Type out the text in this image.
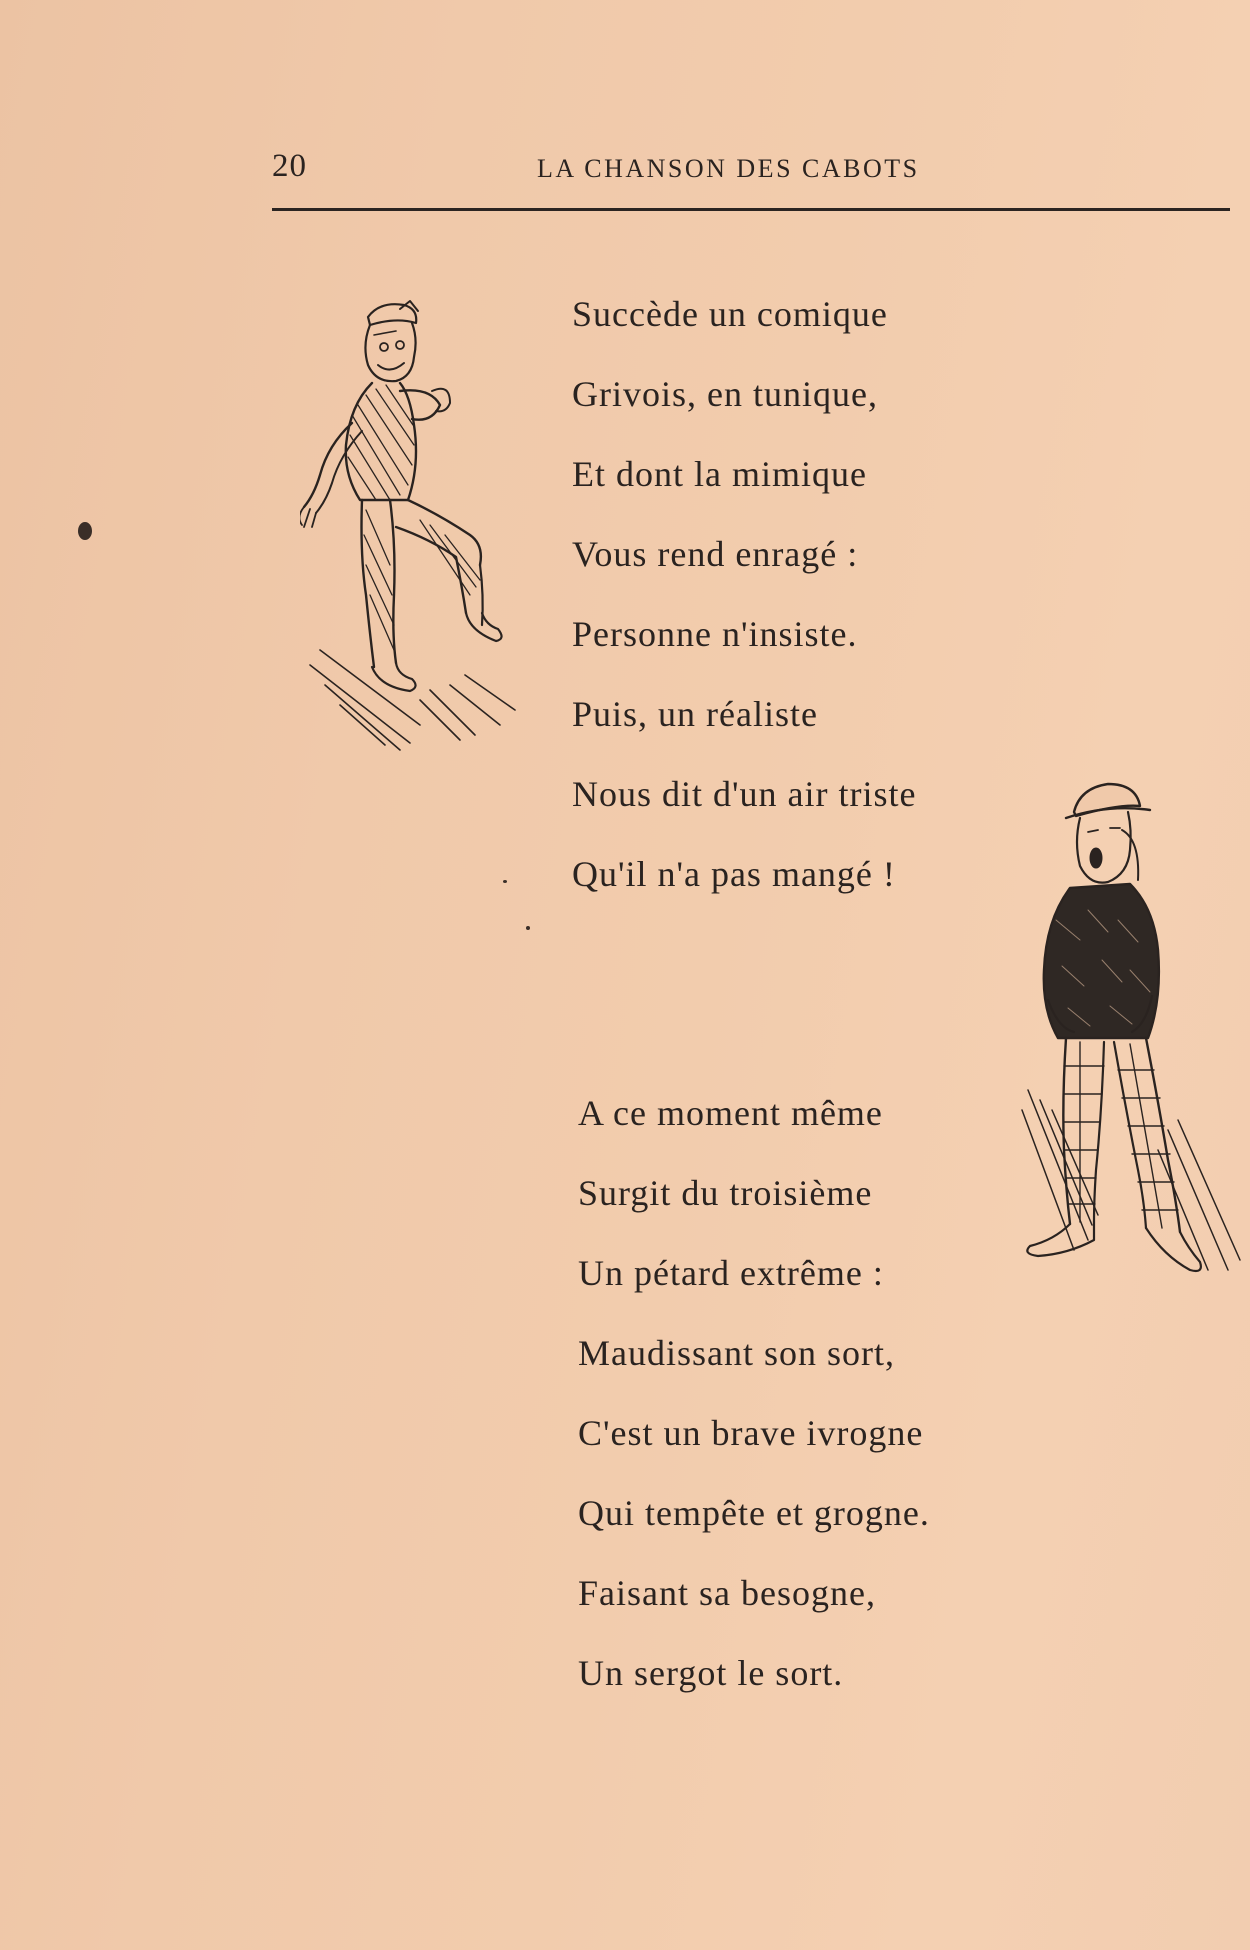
20	LA CHANSON DES CABOTS
Succède un comique
Grivois, en tunique,
Et dont la mimique
Vous rend enragé :
Personne n'insiste.
Puis, un réaliste
Nous dit d'un air triste
Qu'il n'a pas mangé !
A ce moment même
Surgit du troisième
Un pétard extrême :
Maudissant son sort,
C'est un brave ivrogne
Qui tempête et grogne.
Faisant sa besogne,
Un sergot le sort.
